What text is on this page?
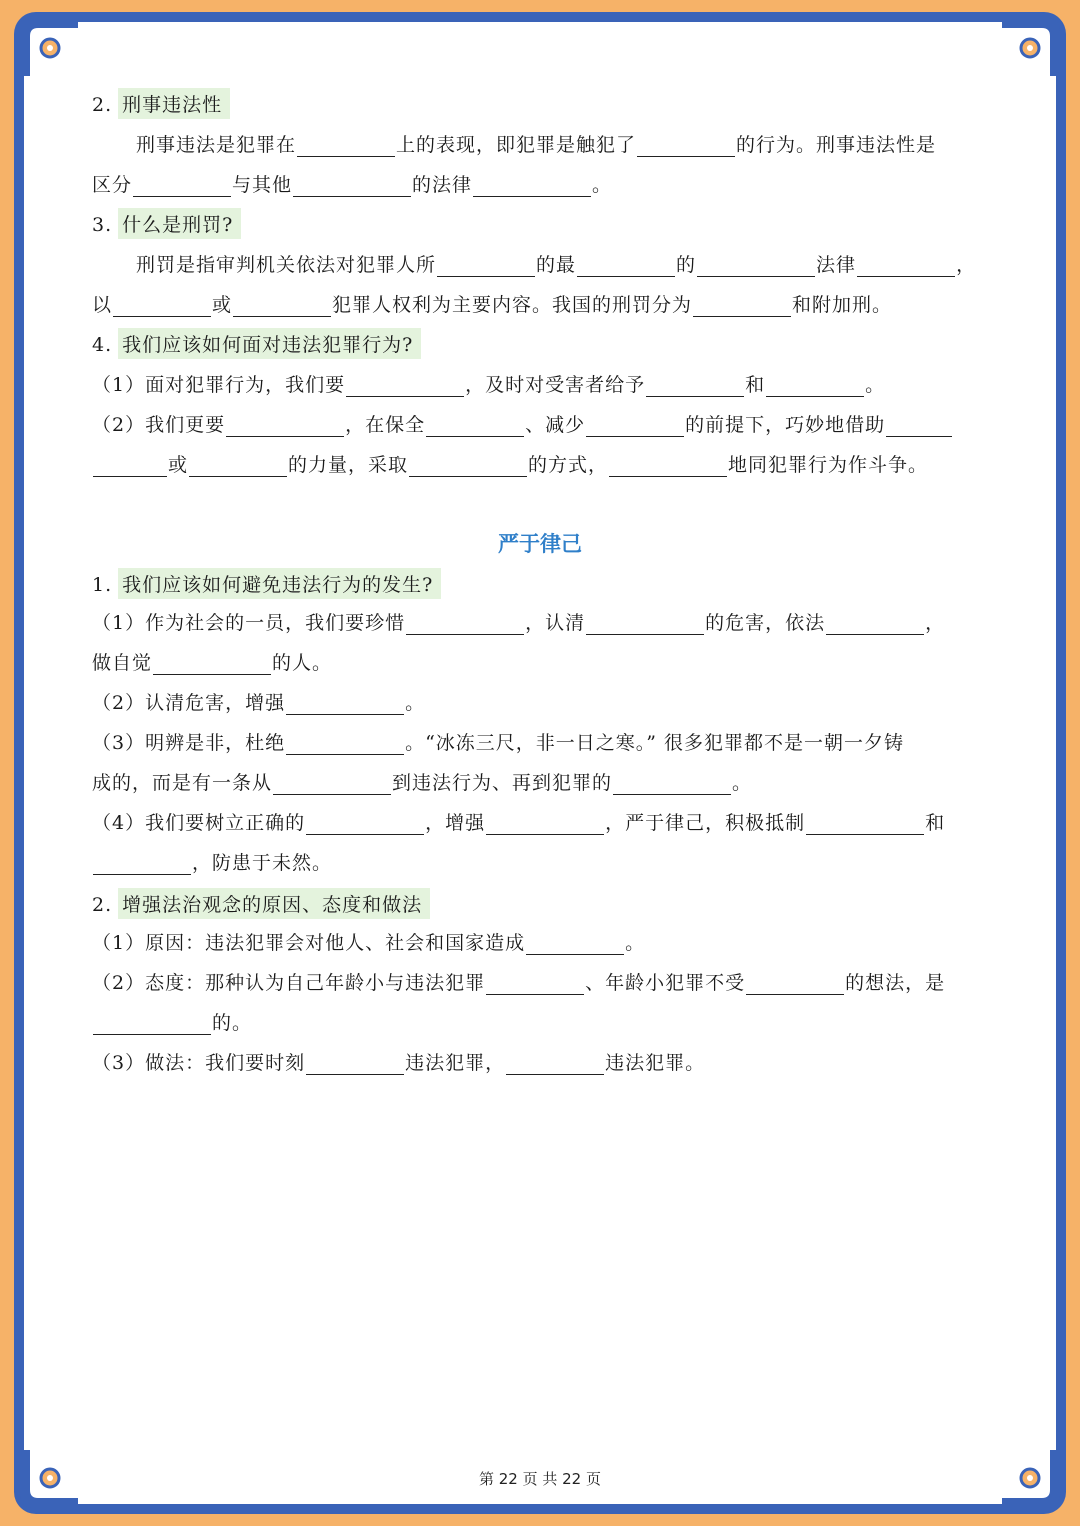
2. 刑事违法性
刑事违法是犯罪在	上的表现，即犯罪是触犯了	的行为。刑事违法性是
区分	与其他	的法律	。
3. 什么是刑罚?
刑罚是指审判机关依法对犯罪人所	的最	的	法律	，
以	或	犯罪人权利为主要内容。我国的刑罚分为	和附加刑。
4. 我们应该如何面对违法犯罪行为?
（1）面对犯罪行为，我们要	，及时对受害者给予	和	。
（2）我们更要	，在保全	、减少	的前提下，巧妙地借助
或	的力量，采取	的方式，	地同犯罪行为作斗争。
严于律己
1. 我们应该如何避免违法行为的发生?
（1）作为社会的一员，我们要珍惜	，认清	的危害，依法	，
做自觉	的人。
（2）认清危害，增强	。
（3）明辨是非，杜绝	。“冰冻三尺，非一日之寒。” 很多犯罪都不是一朝一夕铸
成的，而是有一条从	到违法行为、再到犯罪的	。
（4）我们要树立正确的	，增强	，严于律己，积极抵制	和
，防患于未然。
2. 增强法治观念的原因、态度和做法
（1）原因：违法犯罪会对他人、社会和国家造成	。
（2）态度：那种认为自己年龄小与违法犯罪	、年龄小犯罪不受	的想法，是
的。
（3）做法：我们要时刻	违法犯罪，	违法犯罪。
第 22 页 共 22 页
